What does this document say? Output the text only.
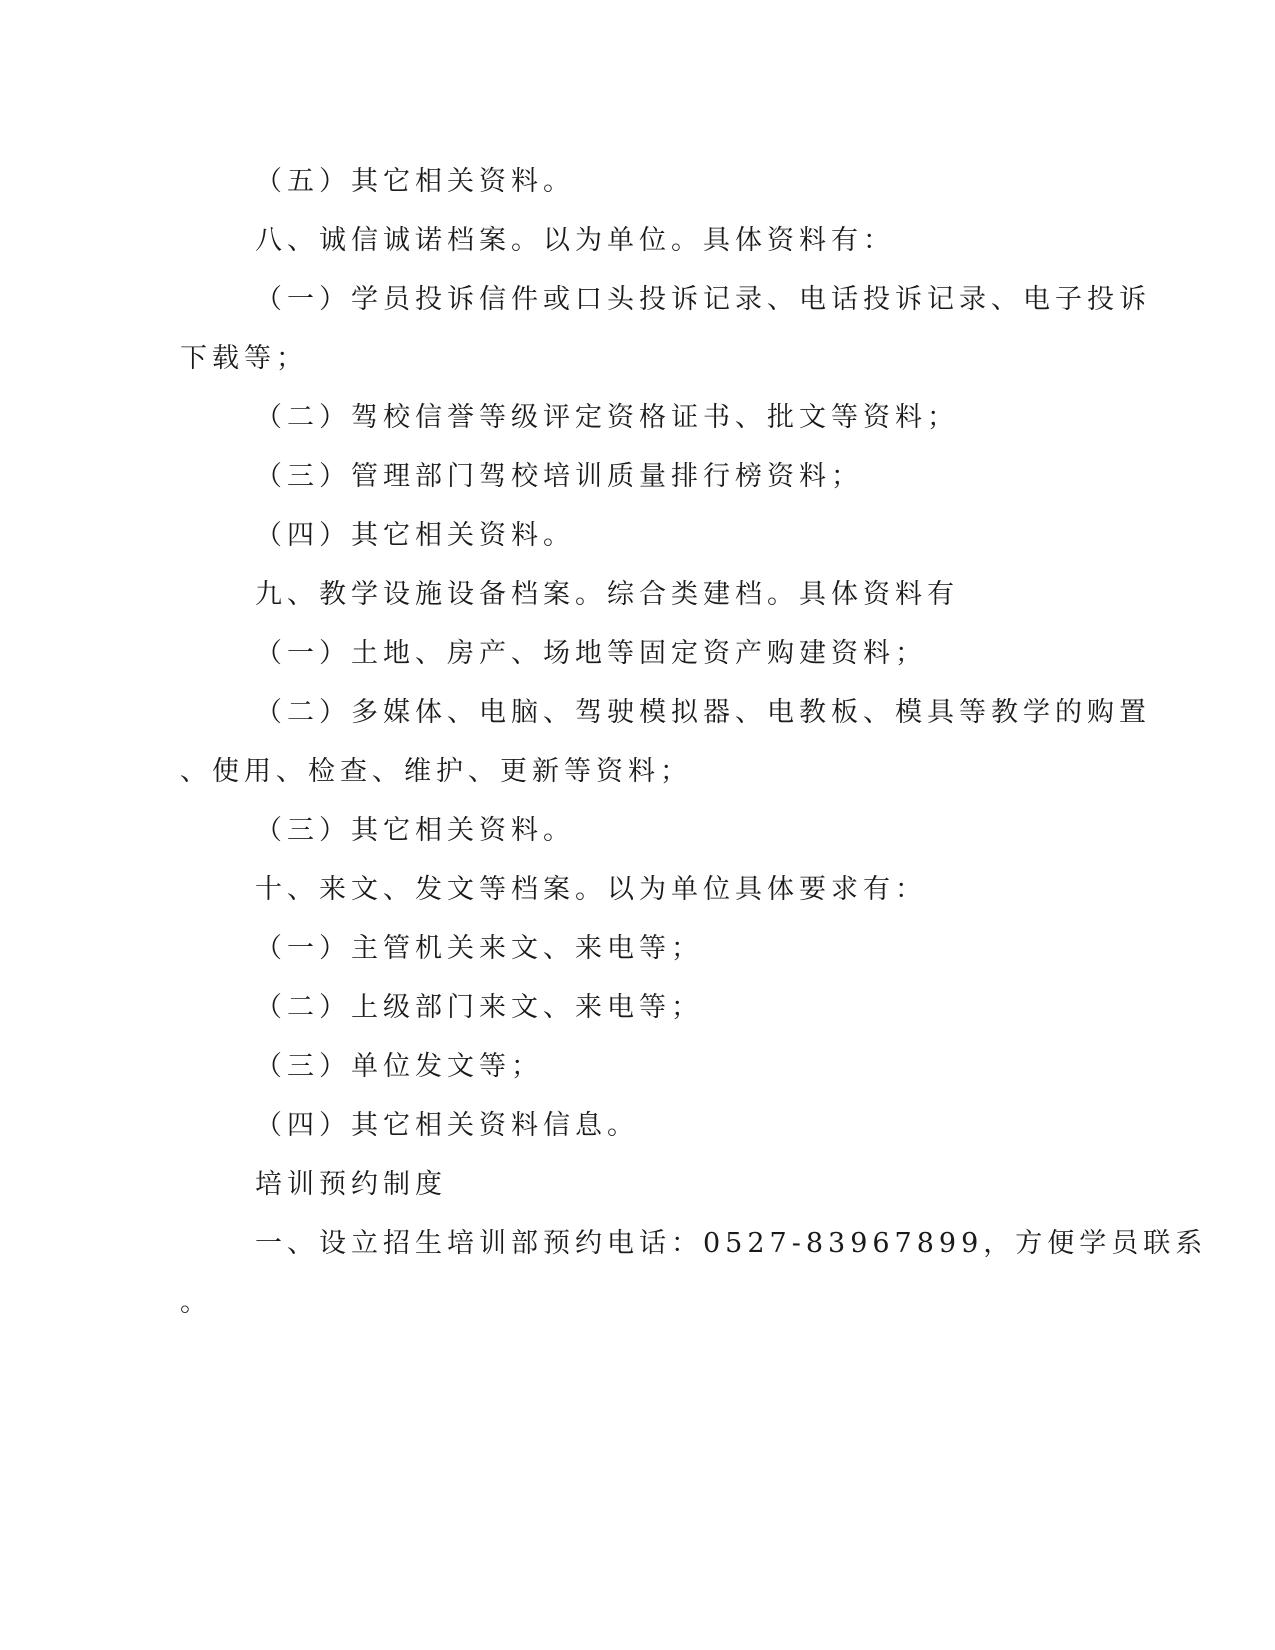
（五）其它相关资料。
八、诚信诚诺档案。以为单位。具体资料有：
（一）学员投诉信件或口头投诉记录、电话投诉记录、电子投诉
下载等；
（二）驾校信誉等级评定资格证书、批文等资料；
（三）管理部门驾校培训质量排行榜资料；
（四）其它相关资料。
九、教学设施设备档案。综合类建档。具体资料有
（一）土地、房产、场地等固定资产购建资料；
（二）多媒体、电脑、驾驶模拟器、电教板、模具等教学的购置
、使用、检查、维护、更新等资料；
（三）其它相关资料。
十、来文、发文等档案。以为单位具体要求有：
（一）主管机关来文、来电等；
（二）上级部门来文、来电等；
（三）单位发文等；
（四）其它相关资料信息。
培训预约制度
一、设立招生培训部预约电话：0527-83967899，方便学员联系
。
